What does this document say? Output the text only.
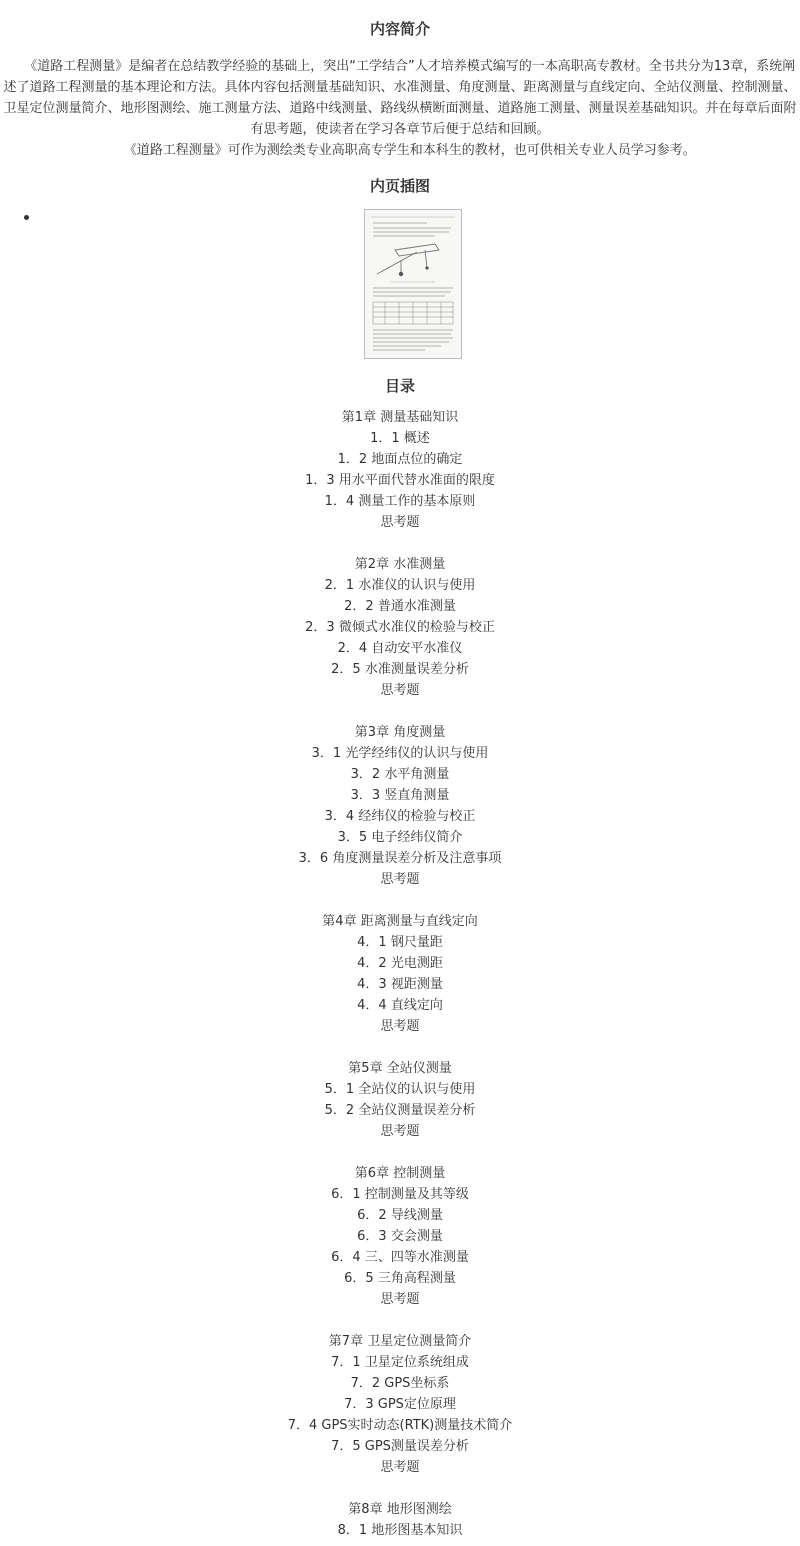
内容简介

　　《道路工程测量》是编者在总结教学经验的基础上，突出“工学结合”人才培养模式编写的一本高职高专教材。全书共分为13章，系统阐述了道路工程测量的基本理论和方法。具体内容包括测量基础知识、水准测量、角度测量、距离测量与直线定向、全站仪测量、控制测量、卫星定位测量简介、地形图测绘、施工测量方法、道路中线测量、路线纵横断面测量、道路施工测量、测量误差基础知识。并在每章后面附有思考题，使读者在学习各章节后便于总结和回顾。

　　《道路工程测量》可作为测绘类专业高职高专学生和本科生的教材，也可供相关专业人员学习参考。

内页插图
目录
第1章 测量基础知识
1．1 概述
1．2 地面点位的确定
1．3 用水平面代替水准面的限度
1．4 测量工作的基本原则
思考题
第2章 水准测量
2．1 水准仪的认识与使用
2．2 普通水准测量
2．3 微倾式水准仪的检验与校正
2．4 自动安平水准仪
2．5 水准测量误差分析
思考题
第3章 角度测量
3．1 光学经纬仪的认识与使用
3．2 水平角测量
3．3 竖直角测量
3．4 经纬仪的检验与校正
3．5 电子经纬仪简介
3．6 角度测量误差分析及注意事项
思考题
第4章 距离测量与直线定向
4．1 钢尺量距
4．2 光电测距
4．3 视距测量
4．4 直线定向
思考题
第5章 全站仪测量
5．1 全站仪的认识与使用
5．2 全站仪测量误差分析
思考题
第6章 控制测量
6．1 控制测量及其等级
6．2 导线测量
6．3 交会测量
6．4 三、四等水准测量
6．5 三角高程测量
思考题
第7章 卫星定位测量简介
7．1 卫星定位系统组成
7．2 GPS坐标系
7．3 GPS定位原理
7．4 GPS实时动态(RTK)测量技术简介
7．5 GPS测量误差分析
思考题
第8章 地形图测绘
8．1 地形图基本知识
